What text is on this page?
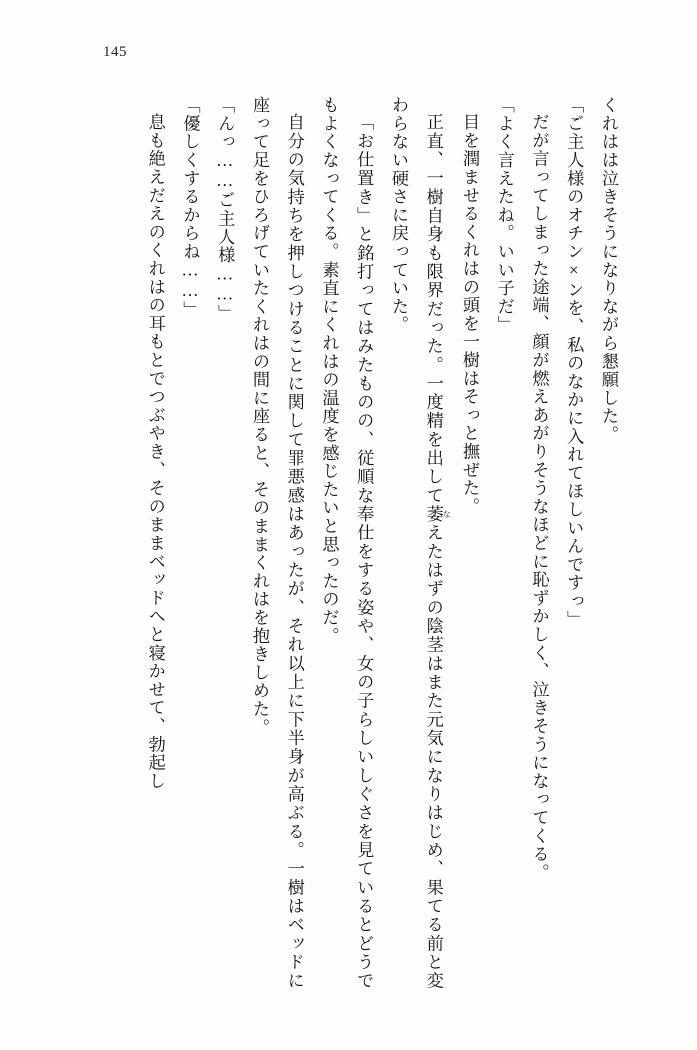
145

くれはは泣きそうになりながら懇願した。

「ご主人様のオチン×ンを、私のなかに入れてほしいんですっ」

だが言ってしまった途端、顔が燃えあがりそうなほどに恥ずかしく、泣きそうになってくる。

「よく言えたね。いい子だ」

目を潤ませるくれはの頭を一樹はそっと撫ぜた。

正直、一樹自身も限界だった。一度精を出して萎 なえたはずの陰茎はまた元気になりはじめ、果てる前と変わらない硬さに戻っていた。

「お仕置き」と銘打ってはみたものの、従順な奉仕をする姿や、女の子らしいしぐさを見ているとどうでもよくなってくる。素直にくれはの温度を感じたいと思ったのだ。

自分の気持ちを押しつけることに関して罪悪感はあったが、それ以上に下半身が高ぶる。一樹はベッドに座って足をひろげていたくれはの間に座ると、そのままくれはを抱きしめた。

「んっ……ご主人様……」

「優しくするからね……」

息も絶えだえのくれはの耳もとでつぶやき、そのままベッドへと寝かせて、勃起し
